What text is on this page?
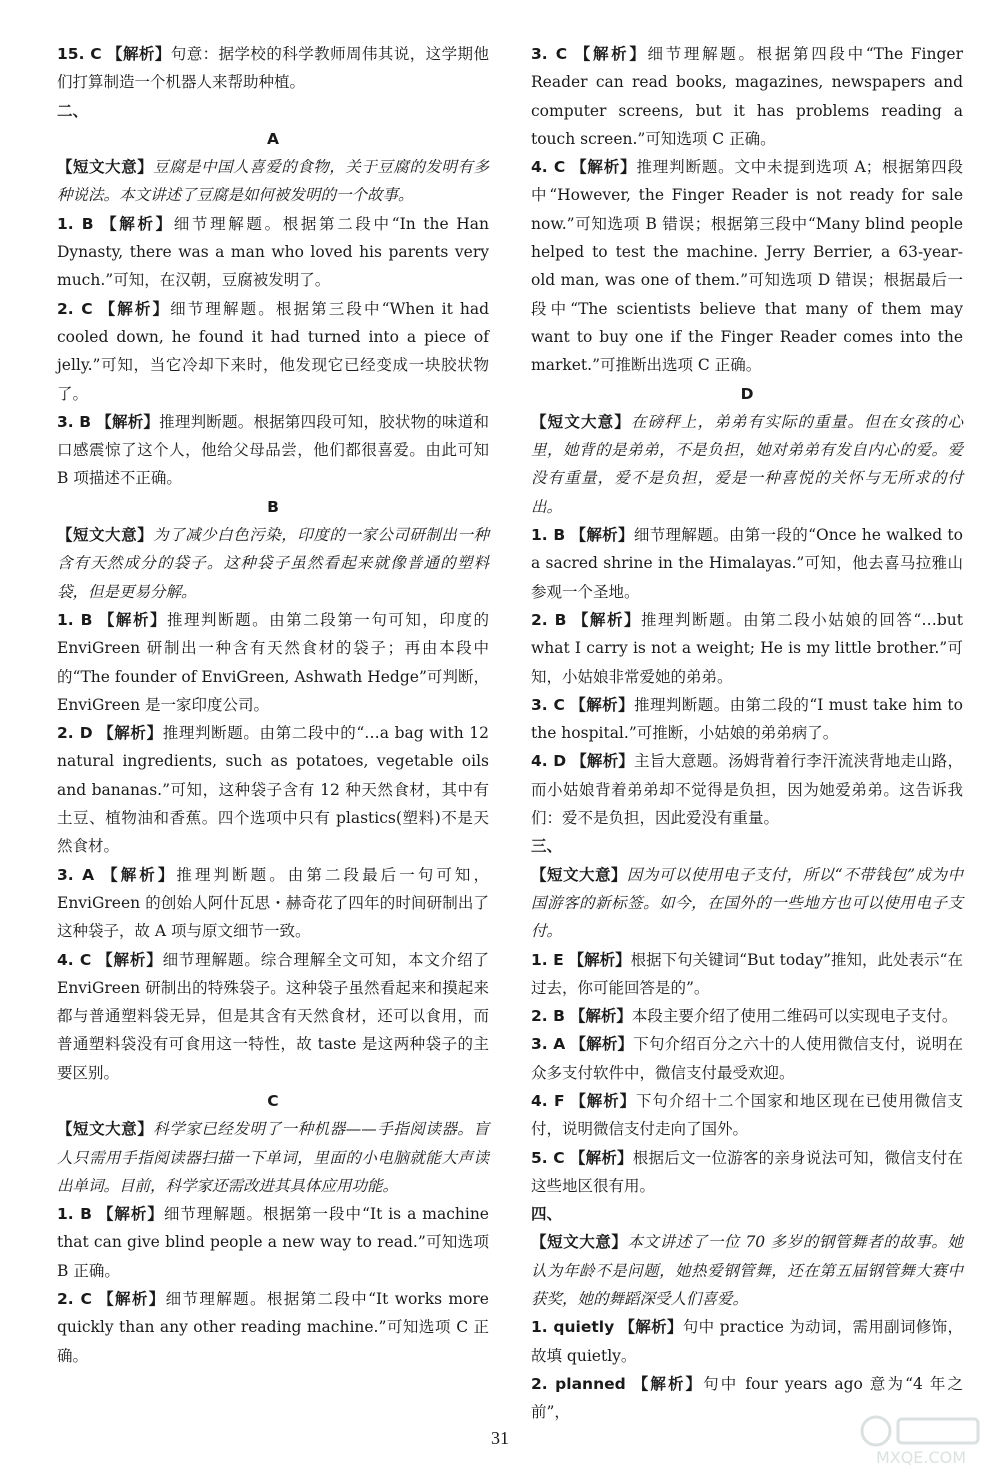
15. C 【解析】句意：据学校的科学教师周伟其说，这学期他们打算制造一个机器人来帮助种植。

二、

A

【短文大意】豆腐是中国人喜爱的食物，关于豆腐的发明有多种说法。本文讲述了豆腐是如何被发明的一个故事。

1. B 【解析】细节理解题。根据第二段中“In the Han Dynasty, there was a man who loved his parents very much.”可知，在汉朝，豆腐被发明了。

2. C 【解析】细节理解题。根据第三段中“When it had cooled down, he found it had turned into a piece of jelly.”可知，当它冷却下来时，他发现它已经变成一块胶状物了。

3. B 【解析】推理判断题。根据第四段可知，胶状物的味道和口感震惊了这个人，他给父母品尝，他们都很喜爱。由此可知 B 项描述不正确。

B

【短文大意】为了减少白色污染，印度的一家公司研制出一种含有天然成分的袋子。这种袋子虽然看起来就像普通的塑料袋，但是更易分解。

1. B 【解析】推理判断题。由第二段第一句可知，印度的 EnviGreen 研制出一种含有天然食材的袋子；再由本段中的“The founder of EnviGreen, Ashwath Hedge”可判断，EnviGreen 是一家印度公司。

2. D 【解析】推理判断题。由第二段中的“…a bag with 12 natural ingredients, such as potatoes, vegetable oils and bananas.”可知，这种袋子含有 12 种天然食材，其中有土豆、植物油和香蕉。四个选项中只有 plastics(塑料)不是天然食材。

3. A 【解析】推理判断题。由第二段最后一句可知，EnviGreen 的创始人阿什瓦思・赫奇花了四年的时间研制出了这种袋子，故 A 项与原文细节一致。

4. C 【解析】细节理解题。综合理解全文可知，本文介绍了 EnviGreen 研制出的特殊袋子。这种袋子虽然看起来和摸起来都与普通塑料袋无异，但是其含有天然食材，还可以食用，而普通塑料袋没有可食用这一特性，故 taste 是这两种袋子的主要区别。

C

【短文大意】科学家已经发明了一种机器——手指阅读器。盲人只需用手指阅读器扫描一下单词，里面的小电脑就能大声读出单词。目前，科学家还需改进其具体应用功能。

1. B 【解析】细节理解题。根据第一段中“It is a machine that can give blind people a new way to read.”可知选项 B 正确。

2. C 【解析】细节理解题。根据第二段中“It works more quickly than any other reading machine.”可知选项 C 正确。

3. C 【解析】细节理解题。根据第四段中“The Finger Reader can read books, magazines, newspapers and computer screens, but it has problems reading a touch screen.”可知选项 C 正确。

4. C 【解析】推理判断题。文中未提到选项 A；根据第四段中“However, the Finger Reader is not ready for sale now.”可知选项 B 错误；根据第三段中“Many blind people helped to test the machine. Jerry Berrier, a 63-year-old man, was one of them.”可知选项 D 错误；根据最后一段中“The scientists believe that many of them may want to buy one if the Finger Reader comes into the market.”可推断出选项 C 正确。

D

【短文大意】在磅秤上，弟弟有实际的重量。但在女孩的心里，她背的是弟弟，不是负担，她对弟弟有发自内心的爱。爱没有重量，爱不是负担，爱是一种喜悦的关怀与无所求的付出。

1. B 【解析】细节理解题。由第一段的“Once he walked to a sacred shrine in the Himalayas.”可知，他去喜马拉雅山参观一个圣地。

2. B 【解析】推理判断题。由第二段小姑娘的回答“…but what I carry is not a weight; He is my little brother.”可知，小姑娘非常爱她的弟弟。

3. C 【解析】推理判断题。由第二段的“I must take him to the hospital.”可推断，小姑娘的弟弟病了。

4. D 【解析】主旨大意题。汤姆背着行李汗流浃背地走山路，而小姑娘背着弟弟却不觉得是负担，因为她爱弟弟。这告诉我们：爱不是负担，因此爱没有重量。

三、

【短文大意】因为可以使用电子支付，所以“不带钱包”成为中国游客的新标签。如今，在国外的一些地方也可以使用电子支付。

1. E 【解析】根据下句关键词“But today”推知，此处表示“在过去，你可能回答是的”。

2. B 【解析】本段主要介绍了使用二维码可以实现电子支付。

3. A 【解析】下句介绍百分之六十的人使用微信支付，说明在众多支付软件中，微信支付最受欢迎。

4. F 【解析】下句介绍十二个国家和地区现在已使用微信支付，说明微信支付走向了国外。

5. C 【解析】根据后文一位游客的亲身说法可知，微信支付在这些地区很有用。

四、

【短文大意】本文讲述了一位 70 多岁的钢管舞者的故事。她认为年龄不是问题，她热爱钢管舞，还在第五届钢管舞大赛中获奖，她的舞蹈深受人们喜爱。

1. quietly 【解析】句中 practice 为动词，需用副词修饰，故填 quietly。

2. planned 【解析】句中 four years ago 意为“4 年之前”，

31
MXQE.COM
